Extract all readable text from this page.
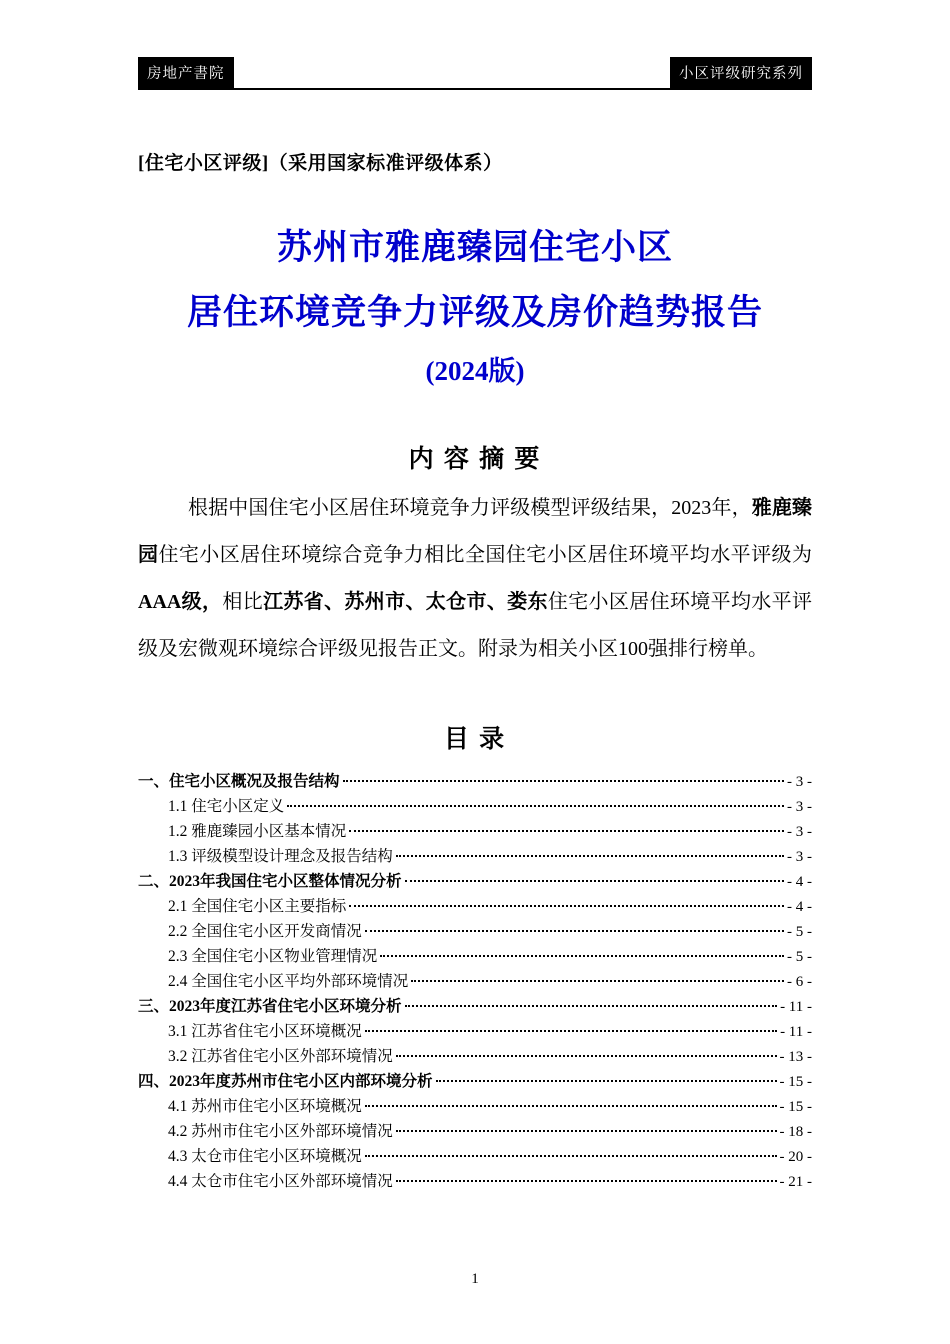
房地产書院	小区评级研究系列
[住宅小区评级]（采用国家标准评级体系）
苏州市雅鹿臻园住宅小区
居住环境竞争力评级及房价趋势报告
(2024版)
内 容 摘 要

根据中国住宅小区居住环境竞争力评级模型评级结果，2023年，雅鹿臻园住宅小区居住环境综合竞争力相比全国住宅小区居住环境平均水平评级为AAA级，相比江苏省、苏州市、太仓市、娄东住宅小区居住环境平均水平评级及宏微观环境综合评级见报告正文。附录为相关小区100强排行榜单。

目 录
一、住宅小区概况及报告结构	- 3 -
1.1 住宅小区定义	- 3 -
1.2 雅鹿臻园小区基本情况	- 3 -
1.3 评级模型设计理念及报告结构	- 3 -
二、2023年我国住宅小区整体情况分析	- 4 -
2.1 全国住宅小区主要指标	- 4 -
2.2 全国住宅小区开发商情况	- 5 -
2.3 全国住宅小区物业管理情况	- 5 -
2.4 全国住宅小区平均外部环境情况	- 6 -
三、2023年度江苏省住宅小区环境分析	- 11 -
3.1 江苏省住宅小区环境概况	- 11 -
3.2 江苏省住宅小区外部环境情况	- 13 -
四、2023年度苏州市住宅小区内部环境分析	- 15 -
4.1 苏州市住宅小区环境概况	- 15 -
4.2 苏州市住宅小区外部环境情况	- 18 -
4.3 太仓市住宅小区环境概况	- 20 -
4.4 太仓市住宅小区外部环境情况	- 21 -
1
